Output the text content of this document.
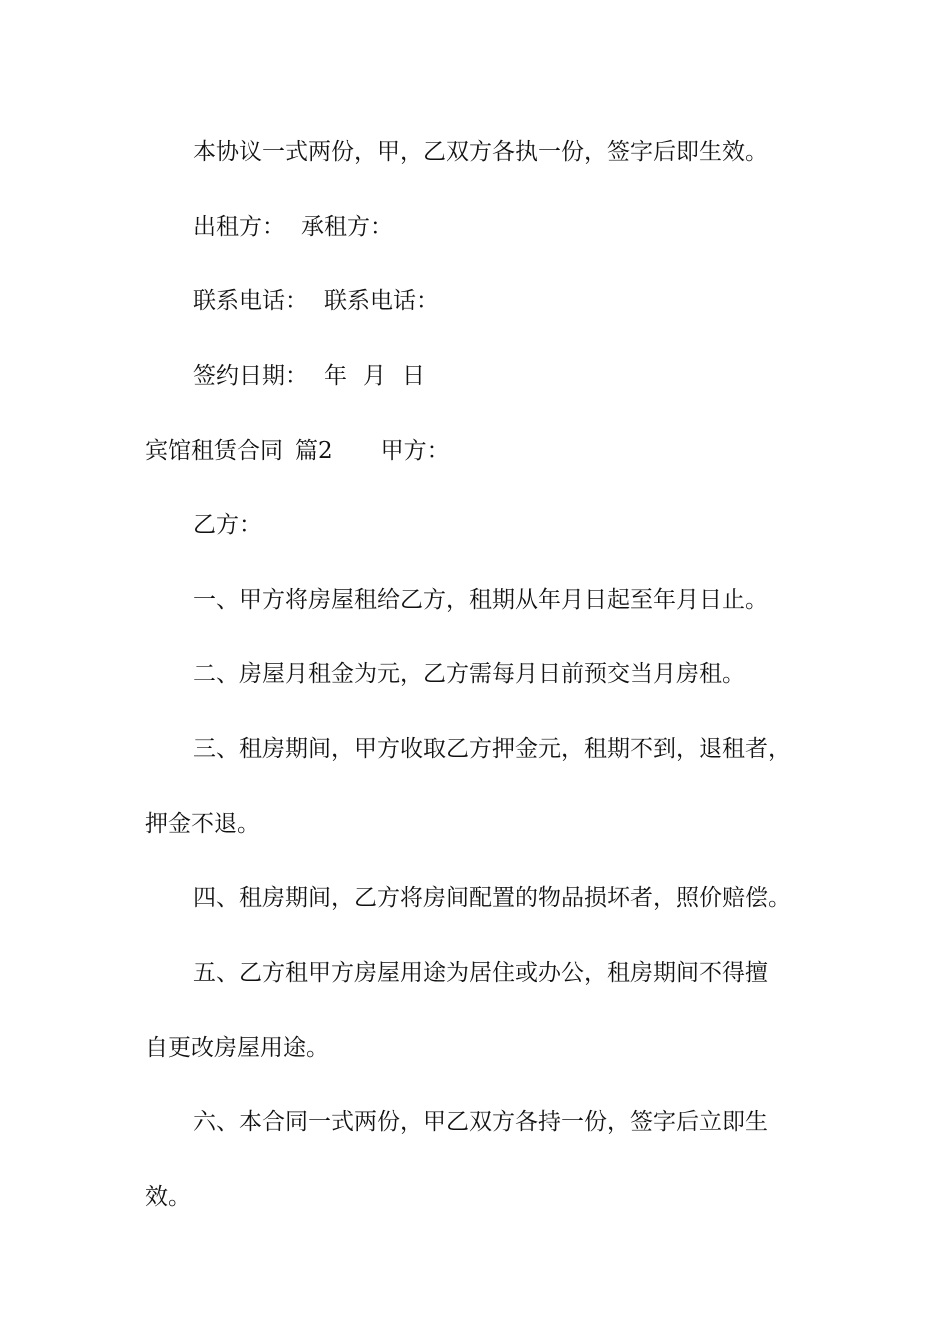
本协议一式两份，甲，乙双方各执一份，签字后即生效。
出租方： 承租方：
联系电话： 联系电话：
签约日期： 年 月 日
宾馆租赁合同 篇2 甲方：
乙方：
一、甲方将房屋租给乙方，租期从年月日起至年月日止。
二、房屋月租金为元，乙方需每月日前预交当月房租。
三、租房期间，甲方收取乙方押金元，租期不到，退租者，
押金不退。
四、租房期间，乙方将房间配置的物品损坏者，照价赔偿。
五、乙方租甲方房屋用途为居住或办公，租房期间不得擅
自更改房屋用途。
六、本合同一式两份，甲乙双方各持一份，签字后立即生
效。
